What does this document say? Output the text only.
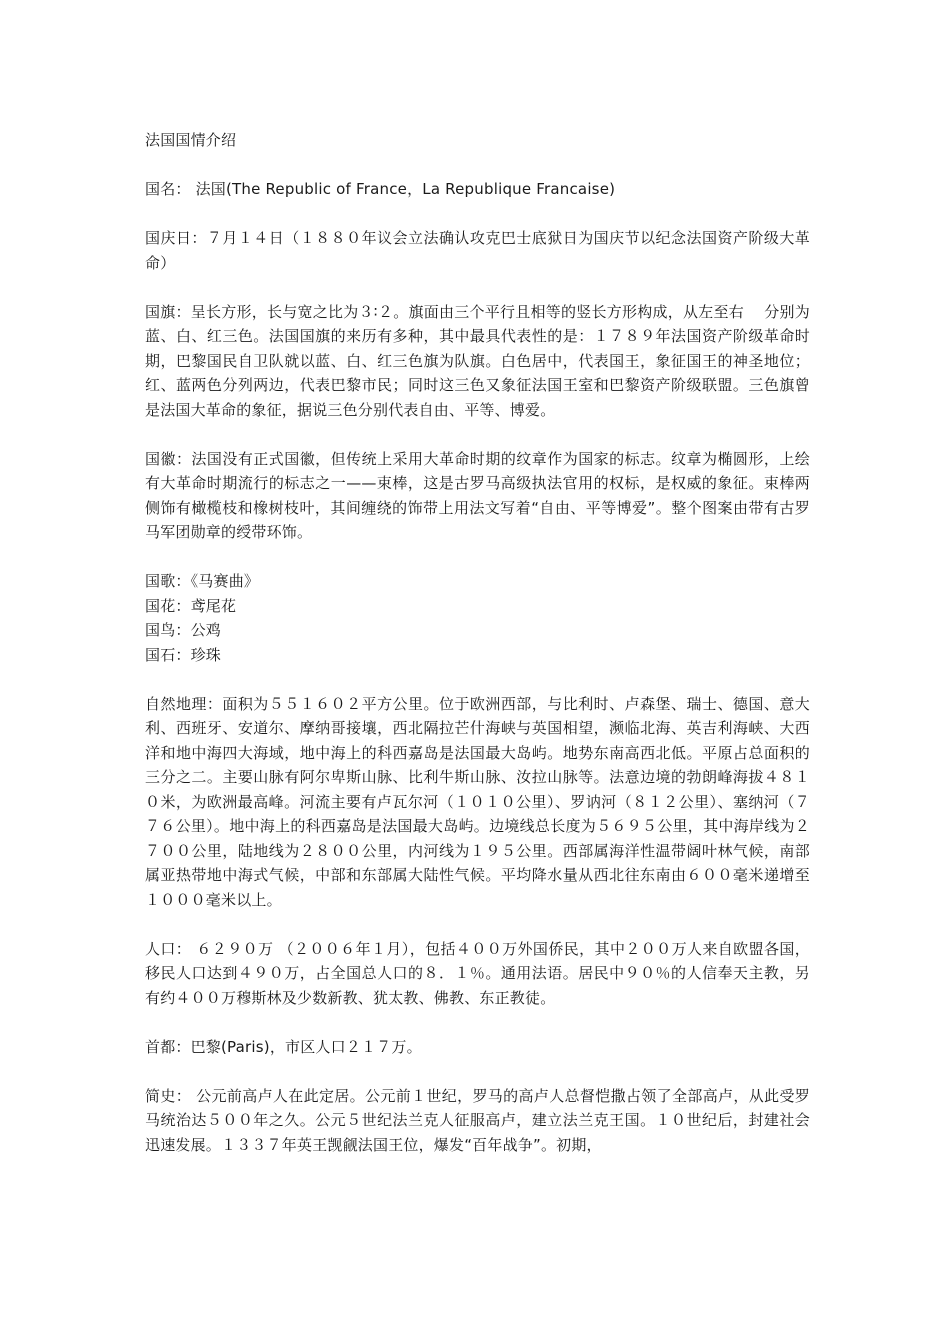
法国国情介绍
国名： 法国(The Republic of France，La Republique Francaise)
国庆日：７月１４日（１８８０年议会立法确认攻克巴士底狱日为国庆节以纪念法国资产阶级大革命）
国旗：呈长方形，长与宽之比为３∶２。旗面由三个平行且相等的竖长方形构成，从左至右　 分别为蓝、白、红三色。法国国旗的来历有多种，其中最具代表性的是：１７８９年法国资产阶级革命时期，巴黎国民自卫队就以蓝、白、红三色旗为队旗。白色居中，代表国王，象征国王的神圣地位；红、蓝两色分列两边，代表巴黎市民；同时这三色又象征法国王室和巴黎资产阶级联盟。三色旗曾是法国大革命的象征，据说三色分别代表自由、平等、博爱。
国徽：法国没有正式国徽，但传统上采用大革命时期的纹章作为国家的标志。纹章为椭圆形，上绘有大革命时期流行的标志之一——束棒，这是古罗马高级执法官用的权标，是权威的象征。束棒两侧饰有橄榄枝和橡树枝叶，其间缠绕的饰带上用法文写着“自由、平等博爱”。整个图案由带有古罗马军团勋章的绶带环饰。
国歌：《马赛曲》
国花：鸢尾花
国鸟：公鸡
国石：珍珠
自然地理：面积为５５１６０２平方公里。位于欧洲西部，与比利时、卢森堡、瑞士、德国、意大利、西班牙、安道尔、摩纳哥接壤，西北隔拉芒什海峡与英国相望，濒临北海、英吉利海峡、大西洋和地中海四大海域，地中海上的科西嘉岛是法国最大岛屿。地势东南高西北低。平原占总面积的三分之二。主要山脉有阿尔卑斯山脉、比利牛斯山脉、汝拉山脉等。法意边境的勃朗峰海拔４８１０米，为欧洲最高峰。河流主要有卢瓦尔河（１０１０公里）、罗讷河（８１２公里）、塞纳河（７７６公里）。地中海上的科西嘉岛是法国最大岛屿。边境线总长度为５６９５公里，其中海岸线为２７００公里，陆地线为２８００公里，内河线为１９５公里。西部属海洋性温带阔叶林气候，南部属亚热带地中海式气候，中部和东部属大陆性气候。平均降水量从西北往东南由６００毫米递增至１０００毫米以上。
人口： ６２９０万 （２００６年１月），包括４００万外国侨民，其中２００万人来自欧盟各国，移民人口达到４９０万，占全国总人口的８．１％。通用法语。居民中９０％的人信奉天主教，另有约４００万穆斯林及少数新教、犹太教、佛教、东正教徒。
首都：巴黎(Paris)，市区人口２１７万。
简史： 公元前高卢人在此定居。公元前１世纪，罗马的高卢人总督恺撒占领了全部高卢，从此受罗马统治达５００年之久。公元５世纪法兰克人征服高卢，建立法兰克王国。１０世纪后，封建社会迅速发展。１３３７年英王觊觎法国王位，爆发“百年战争”。初期，
